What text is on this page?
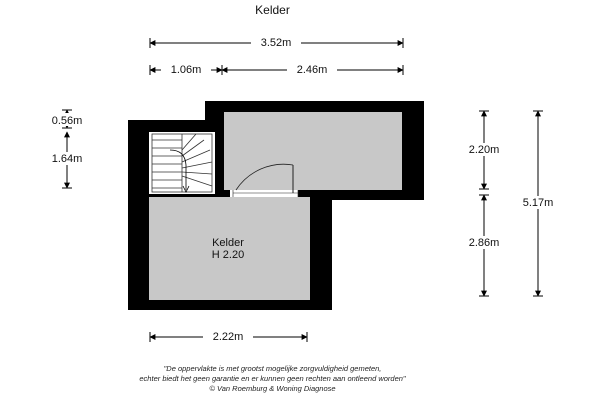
Kelder
Kelder
H 2.20
3.52m
1.06m	2.46m
0.56m
1.64m
2.20m
2.86m
5.17m
2.22m
"De oppervlakte is met grootst mogelijke zorgvuldigheid gemeten,
echter biedt het geen garantie en er kunnen geen rechten aan ontleend worden"
© Van Roemburg & Woning Diagnose
